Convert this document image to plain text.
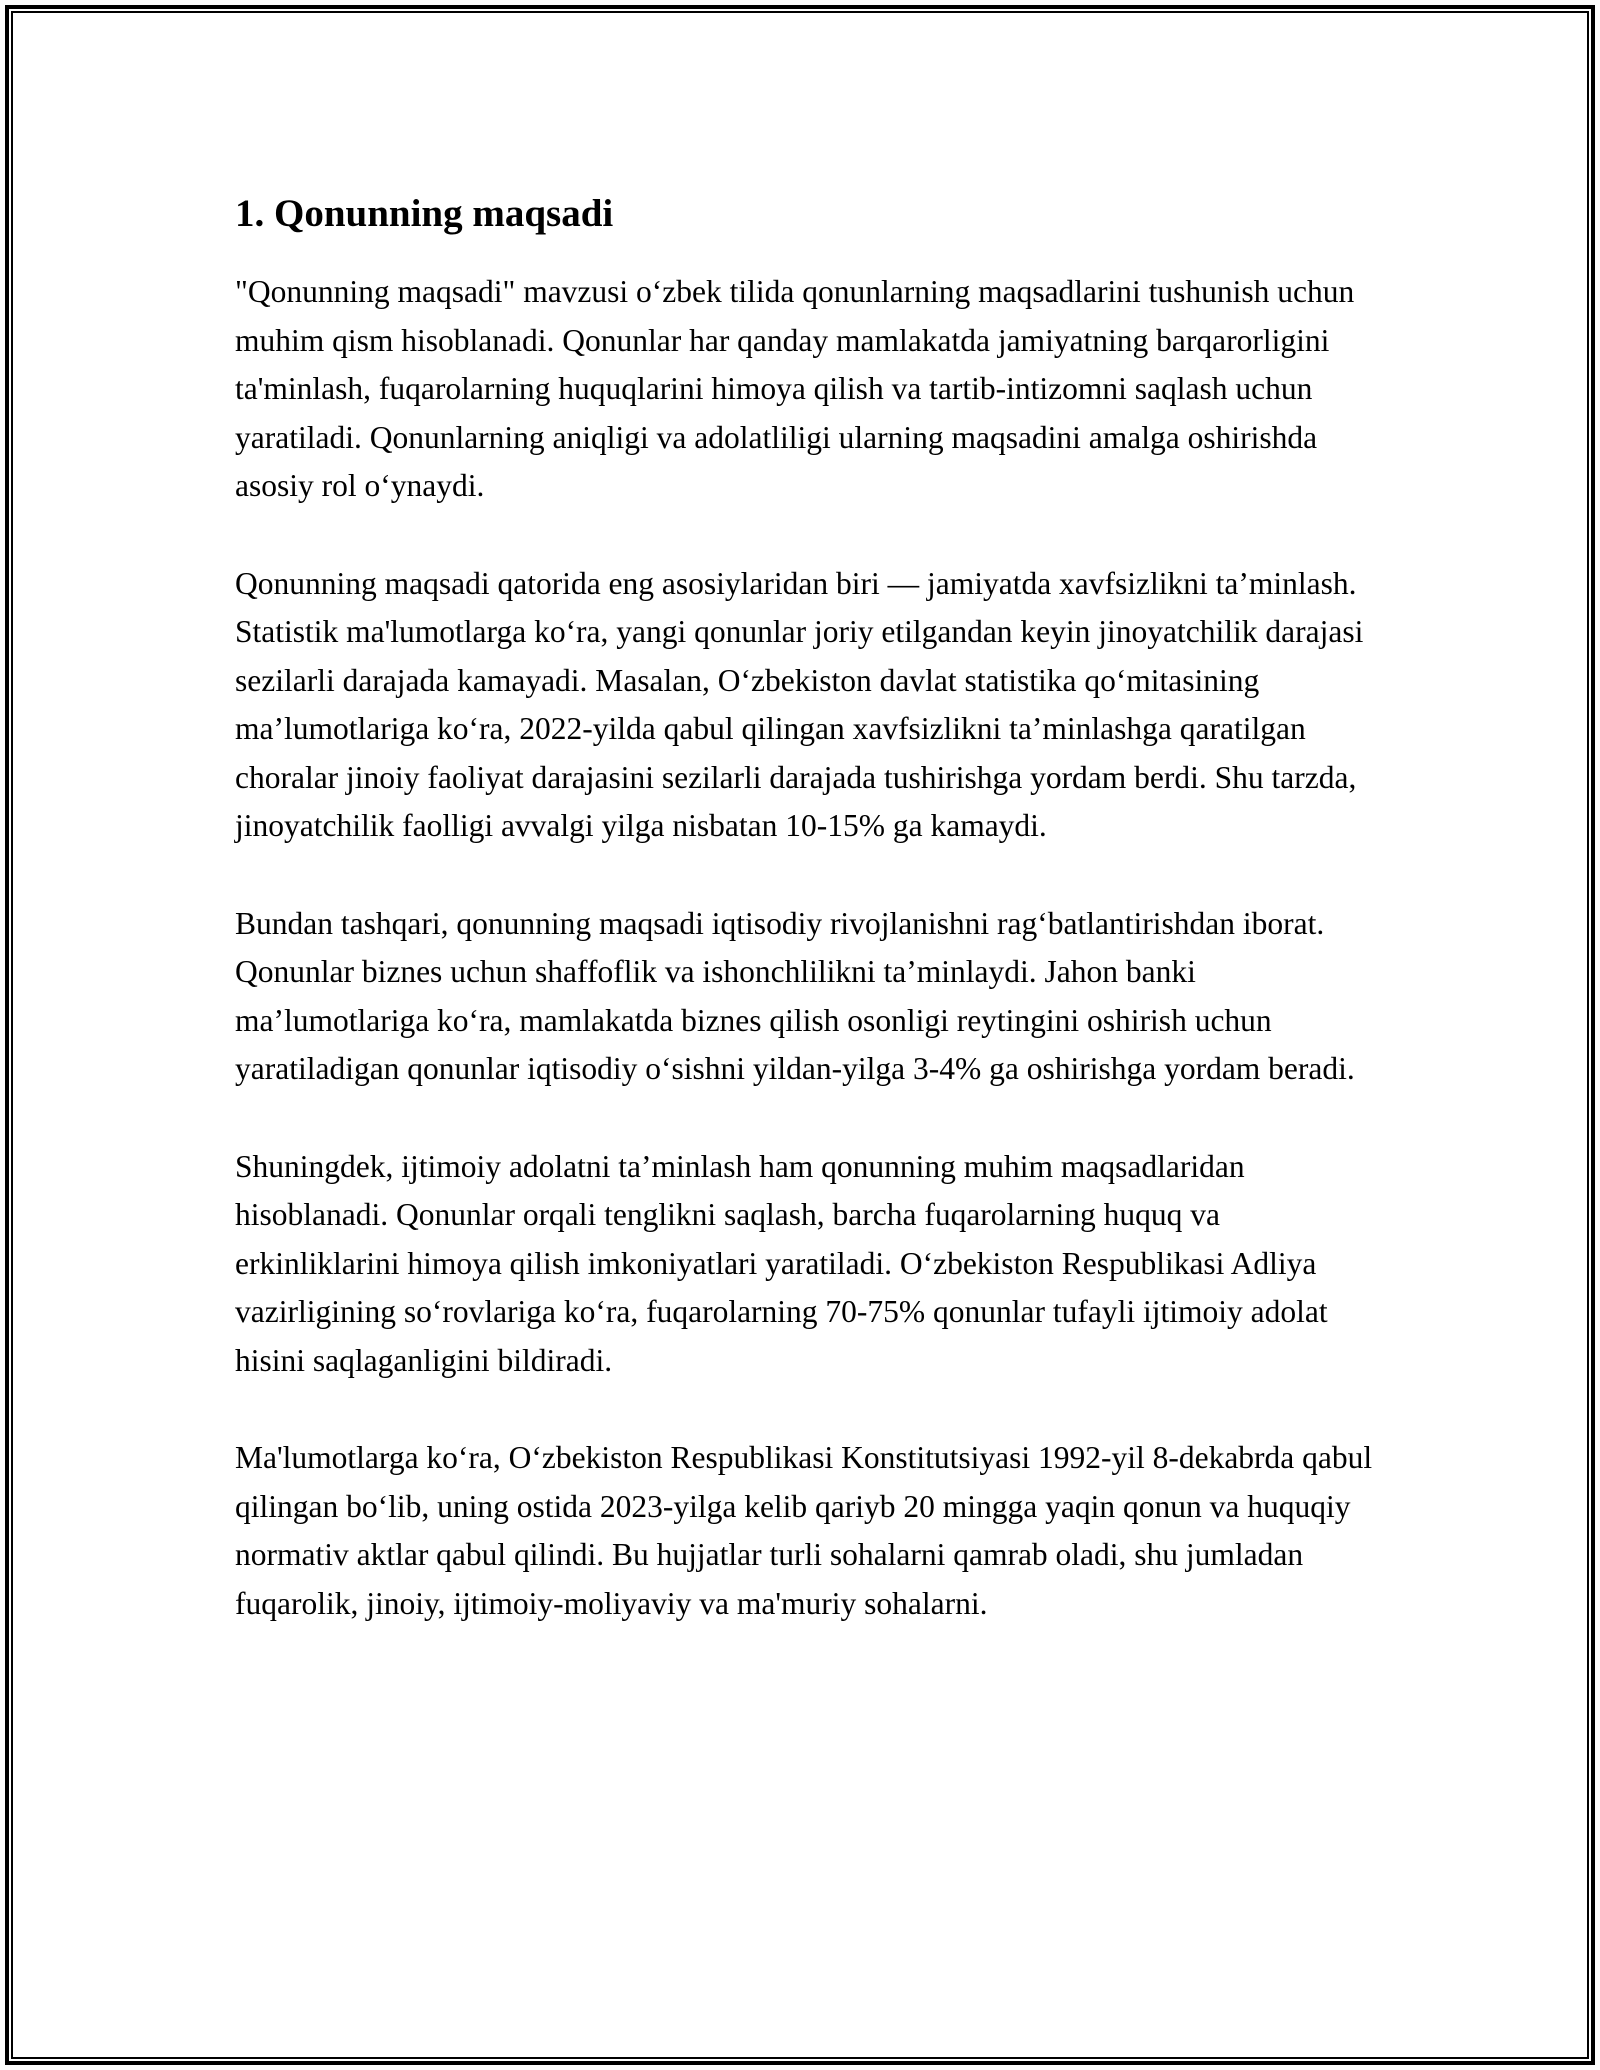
1. Qonunning maqsadi

"Qonunning maqsadi" mavzusi o‘zbek tilida qonunlarning maqsadlarini tushunish uchun muhim qism hisoblanadi. Qonunlar har qanday mamlakatda jamiyatning barqarorligini ta'minlash, fuqarolarning huquqlarini himoya qilish va tartib-intizomni saqlash uchun yaratiladi. Qonunlarning aniqligi va adolatliligi ularning maqsadini amalga oshirishda asosiy rol o‘ynaydi.

Qonunning maqsadi qatorida eng asosiylaridan biri — jamiyatda xavfsizlikni ta’minlash. Statistik ma'lumotlarga ko‘ra, yangi qonunlar joriy etilgandan keyin jinoyatchilik darajasi sezilarli darajada kamayadi. Masalan, O‘zbekiston davlat statistika qo‘mitasining ma’lumotlariga ko‘ra, 2022-yilda qabul qilingan xavfsizlikni ta’minlashga qaratilgan choralar jinoiy faoliyat darajasini sezilarli darajada tushirishga yordam berdi. Shu tarzda, jinoyatchilik faolligi avvalgi yilga nisbatan 10-15% ga kamaydi.

Bundan tashqari, qonunning maqsadi iqtisodiy rivojlanishni rag‘batlantirishdan iborat. Qonunlar biznes uchun shaffoflik va ishonchlilikni ta’minlaydi. Jahon banki ma’lumotlariga ko‘ra, mamlakatda biznes qilish osonligi reytingini oshirish uchun yaratiladigan qonunlar iqtisodiy o‘sishni yildan-yilga 3-4% ga oshirishga yordam beradi.

Shuningdek, ijtimoiy adolatni ta’minlash ham qonunning muhim maqsadlaridan hisoblanadi. Qonunlar orqali tenglikni saqlash, barcha fuqarolarning huquq va erkinliklarini himoya qilish imkoniyatlari yaratiladi. O‘zbekiston Respublikasi Adliya vazirligining so‘rovlariga ko‘ra, fuqarolarning 70-75% qonunlar tufayli ijtimoiy adolat hisini saqlaganligini bildiradi.

Ma'lumotlarga ko‘ra, O‘zbekiston Respublikasi Konstitutsiyasi 1992-yil 8-dekabrda qabul qilingan bo‘lib, uning ostida 2023-yilga kelib qariyb 20 mingga yaqin qonun va huquqiy normativ aktlar qabul qilindi. Bu hujjatlar turli sohalarni qamrab oladi, shu jumladan fuqarolik, jinoiy, ijtimoiy-moliyaviy va ma'muriy sohalarni.
